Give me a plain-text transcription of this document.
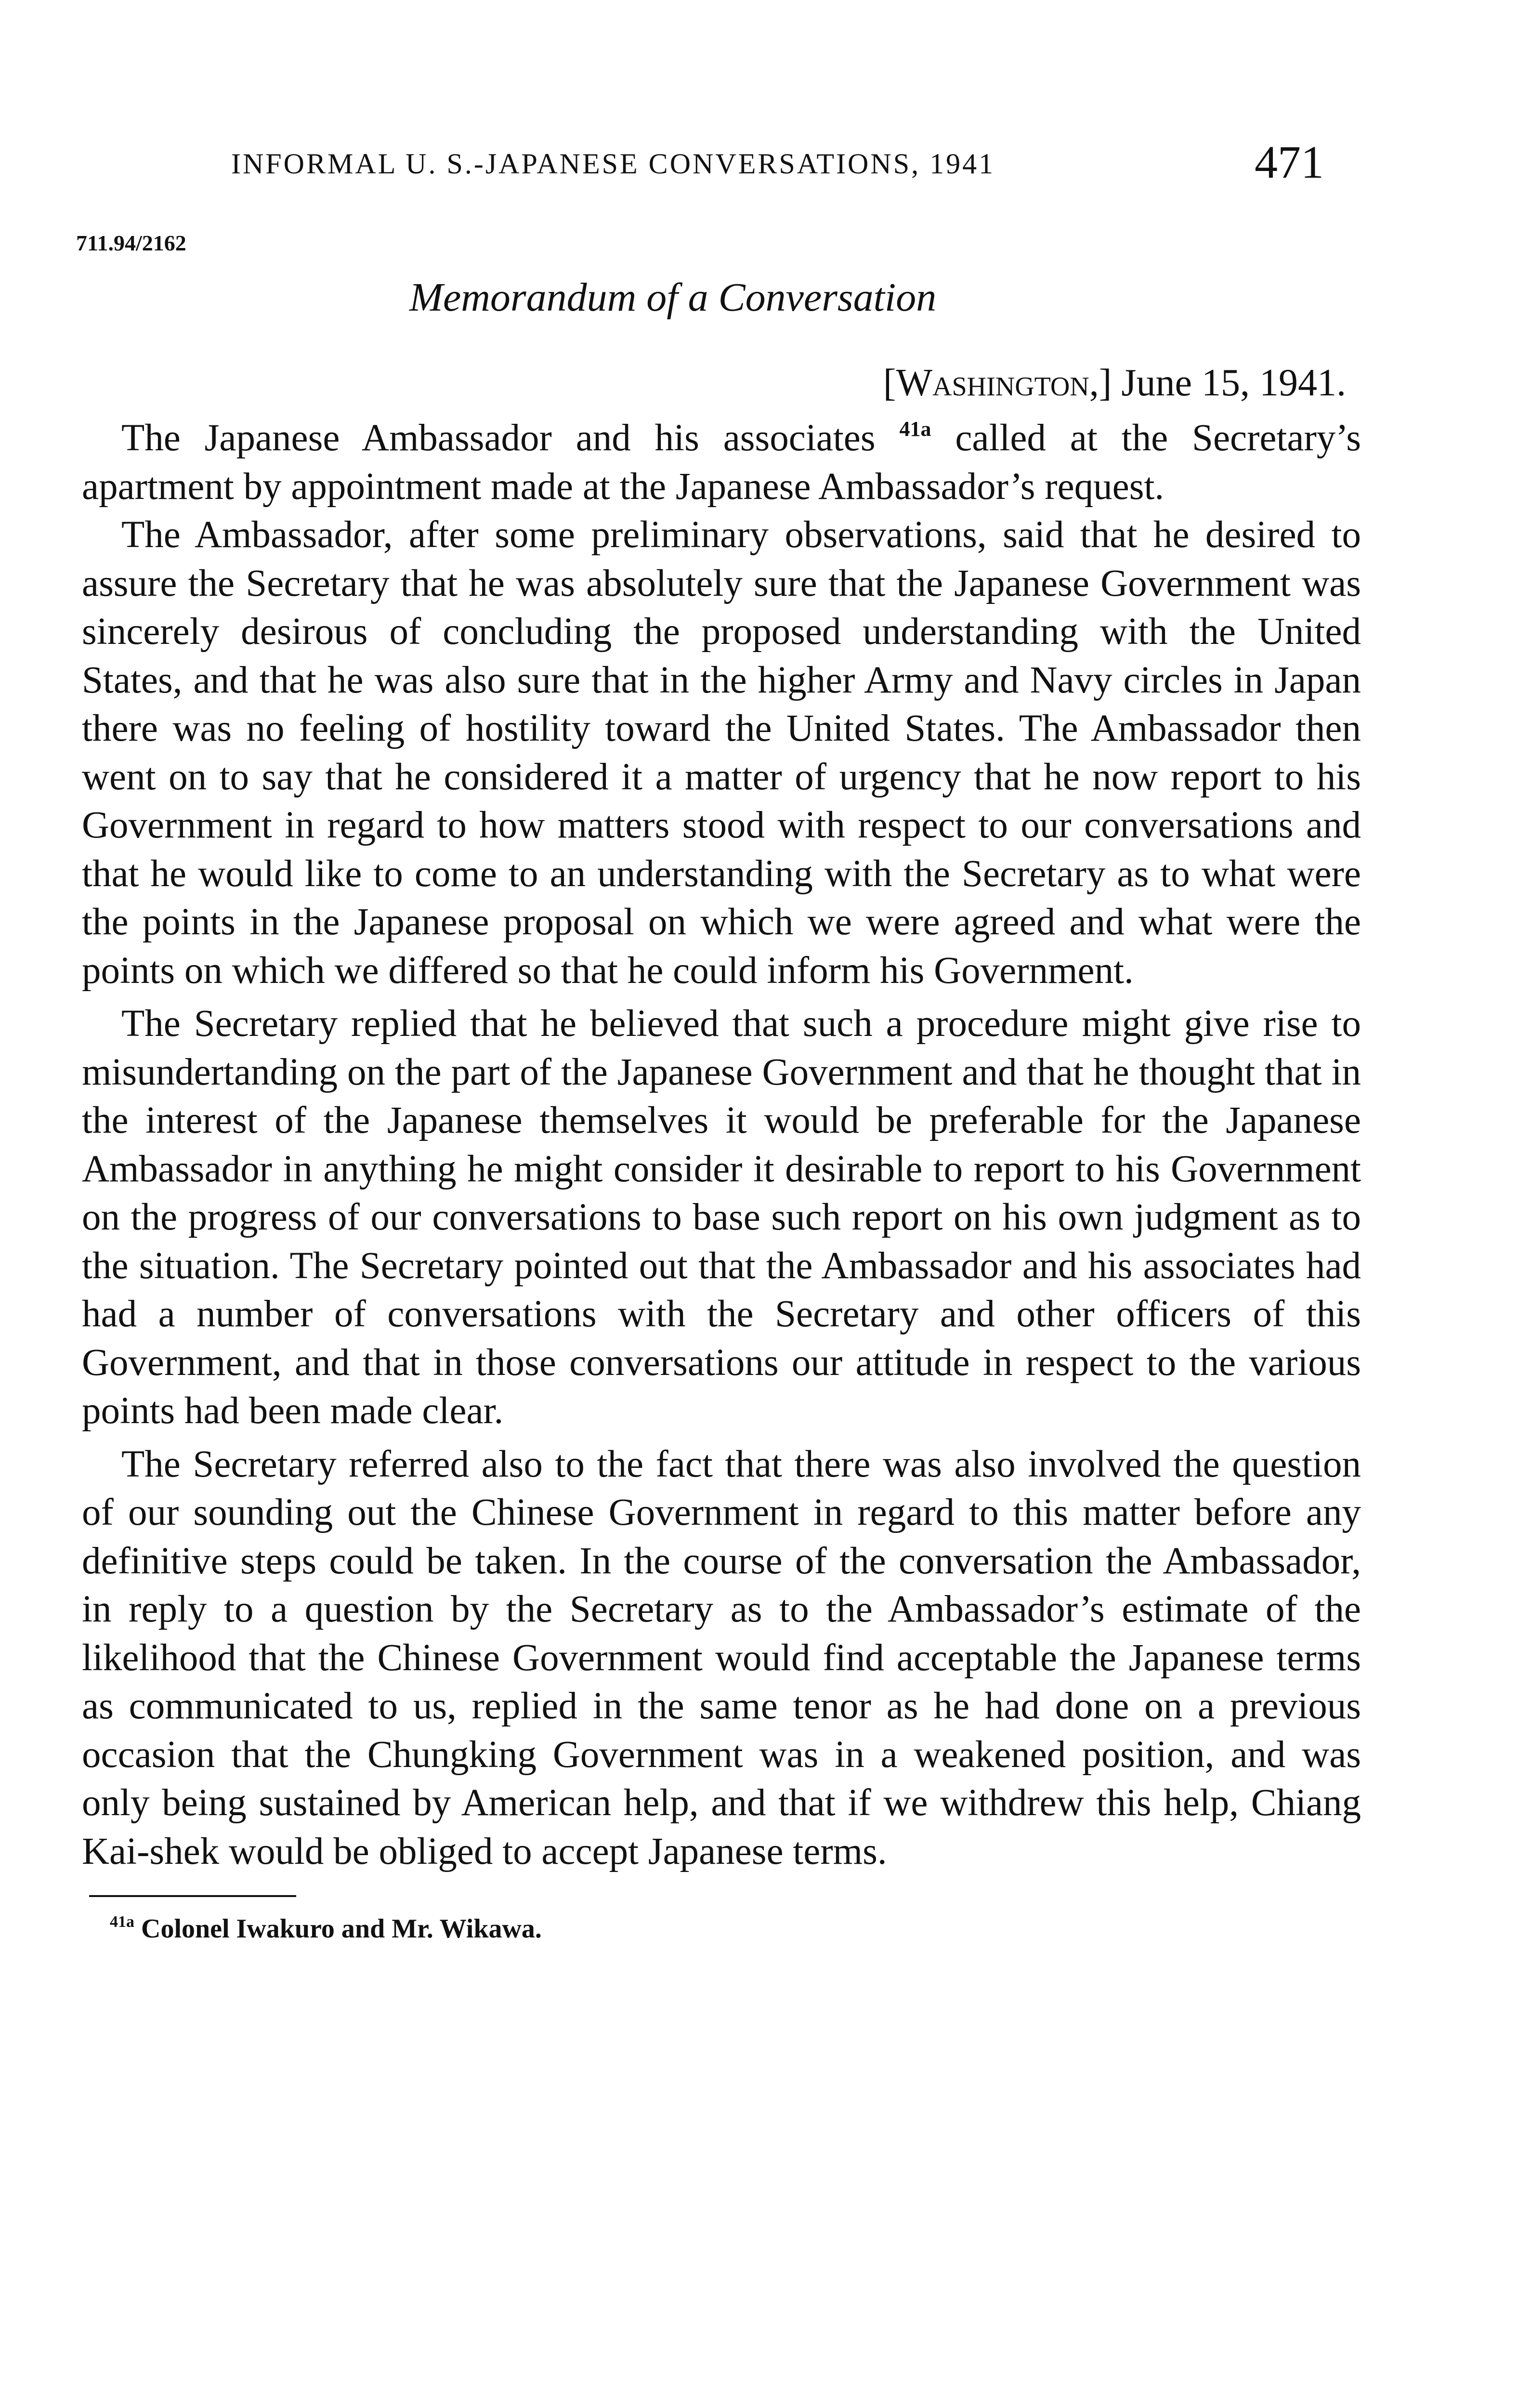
INFORMAL U. S.-JAPANESE CONVERSATIONS, 1941	471
711.94/2162
Memorandum of a Conversation
[Washington,] June 15, 1941.

The Japanese Ambassador and his associates $^{41a}$ called at the Secretary’s apartment by appointment made at the Japanese Ambassador’s request.

The Ambassador, after some preliminary observations, said that he desired to assure the Secretary that he was absolutely sure that the Japanese Government was sincerely desirous of concluding the proposed understanding with the United States, and that he was also sure that in the higher Army and Navy circles in Japan there was no feeling of hostility toward the United States. The Ambassador then went on to say that he considered it a matter of urgency that he now report to his Government in regard to how matters stood with respect to our conversations and that he would like to come to an understanding with the Secretary as to what were the points in the Japanese proposal on which we were agreed and what were the points on which we differed so that he could inform his Government.

The Secretary replied that he believed that such a procedure might give rise to misundertanding on the part of the Japanese Government and that he thought that in the interest of the Japanese themselves it would be preferable for the Japanese Ambassador in anything he might consider it desirable to report to his Government on the progress of our conversations to base such report on his own judgment as to the situation. The Secretary pointed out that the Ambassador and his associates had had a number of conversations with the Secretary and other officers of this Government, and that in those conversations our attitude in respect to the various points had been made clear.

The Secretary referred also to the fact that there was also involved the question of our sounding out the Chinese Government in regard to this matter before any definitive steps could be taken. In the course of the conversation the Ambassador, in reply to a question by the Secretary as to the Ambassador’s estimate of the likelihood that the Chinese Government would find acceptable the Japanese terms as communicated to us, replied in the same tenor as he had done on a previous occasion that the Chungking Government was in a weakened position, and was only being sustained by American help, and that if we withdrew this help, Chiang Kai-shek would be obliged to accept Japanese terms.

$^{41a}$ Colonel Iwakuro and Mr. Wikawa.
